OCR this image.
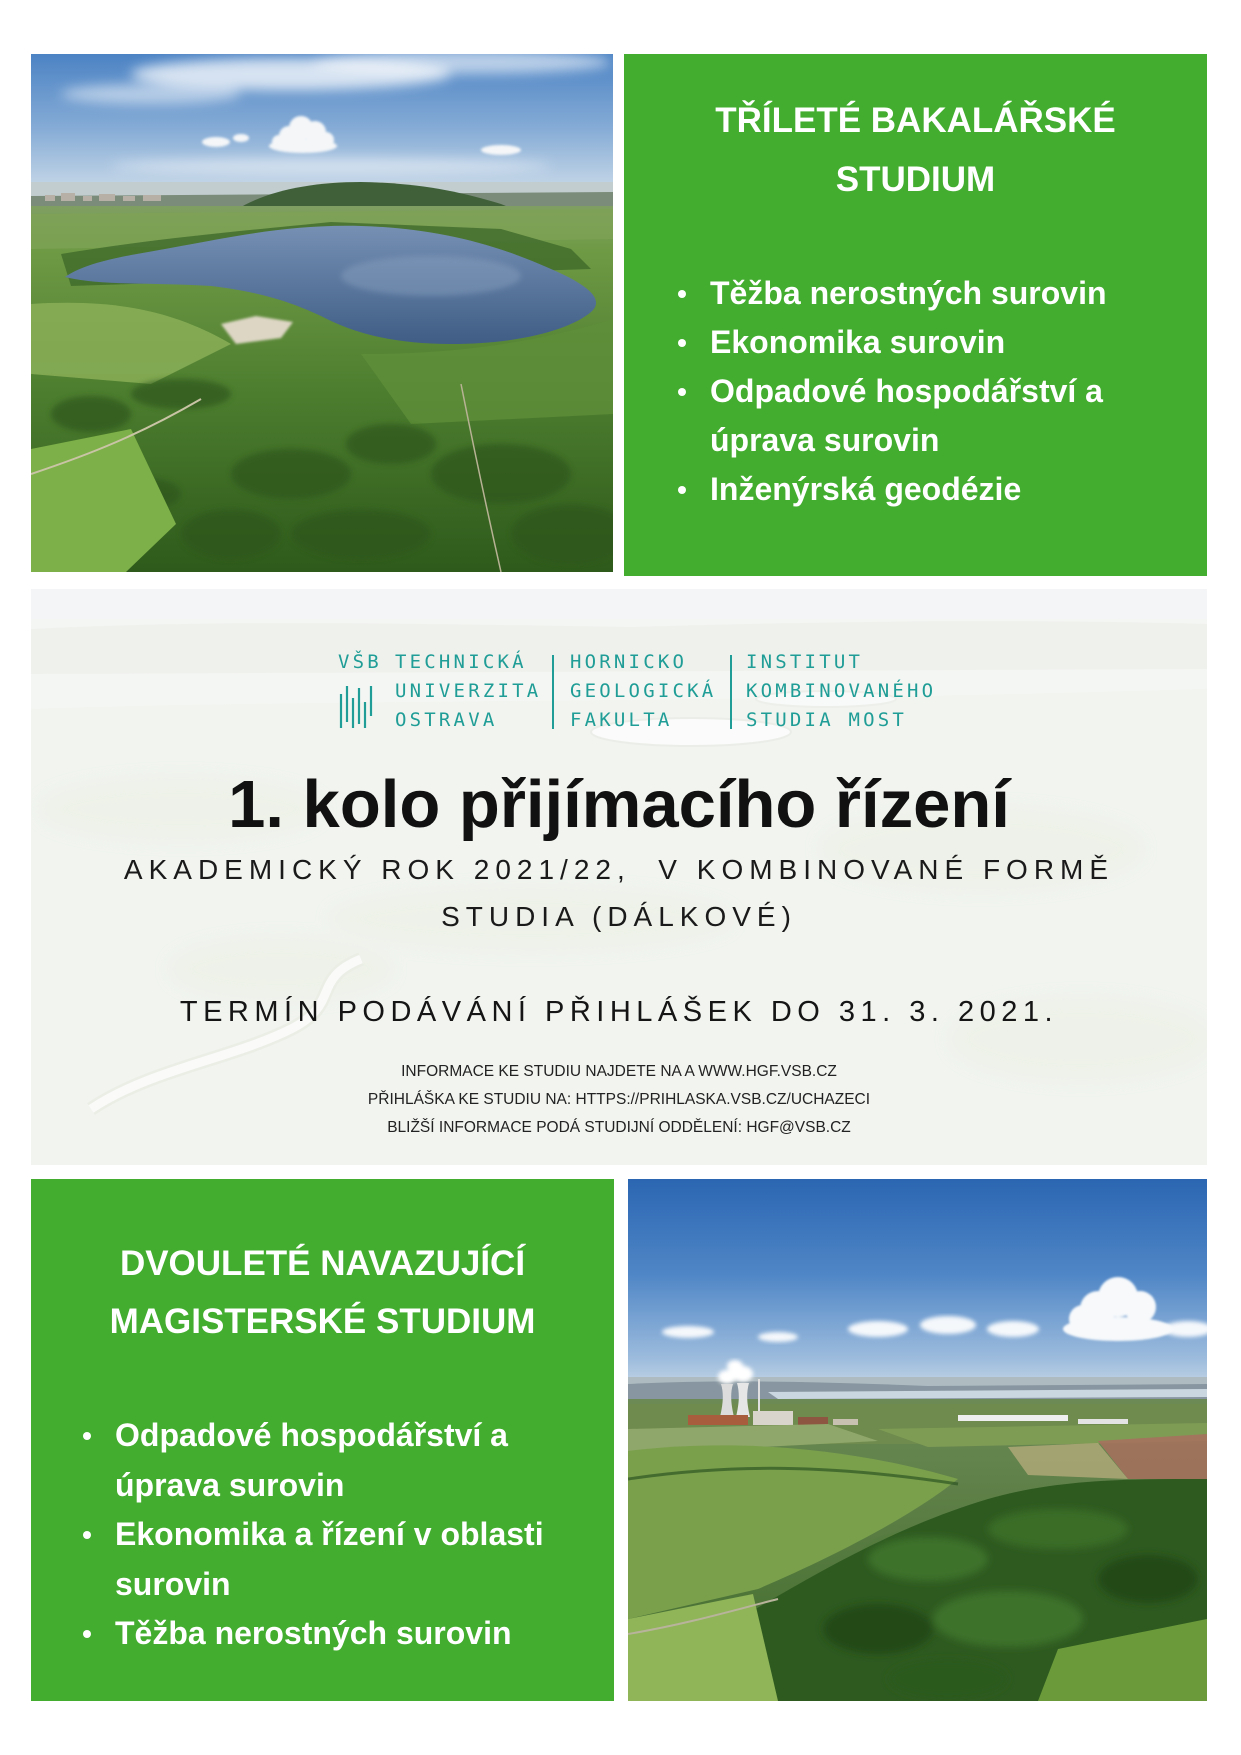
TŘÍLETÉ BAKALÁŘSKÉ
STUDIUM
Těžba nerostných surovin
Ekonomika surovin
Odpadové hospodářství a úprava surovin
Inženýrská geodézie
VŠB TECHNICKÁ
UNIVERZITA
OSTRAVA
HORNICKO
GEOLOGICKÁ
FAKULTA
INSTITUT
KOMBINOVANÉHO
STUDIA MOST
1. kolo přijímacího řízení

AKADEMICKÝ ROK 2021/22,  V KOMBINOVANÉ FORMĚ STUDIA (DÁLKOVÉ)

TERMÍN PODÁVÁNÍ PŘIHLÁŠEK DO 31. 3. 2021.

INFORMACE KE STUDIU NAJDETE NA A WWW.HGF.VSB.CZ
PŘIHLÁŠKA KE STUDIU NA: HTTPS://PRIHLASKA.VSB.CZ/UCHAZECI
BLIŽŠÍ INFORMACE PODÁ STUDIJNÍ ODDĚLENÍ: HGF@VSB.CZ

DVOULETÉ NAVAZUJÍCÍ
MAGISTERSKÉ STUDIUM
Odpadové hospodářství a úprava surovin
Ekonomika a řízení v oblasti surovin
Těžba nerostných surovin
